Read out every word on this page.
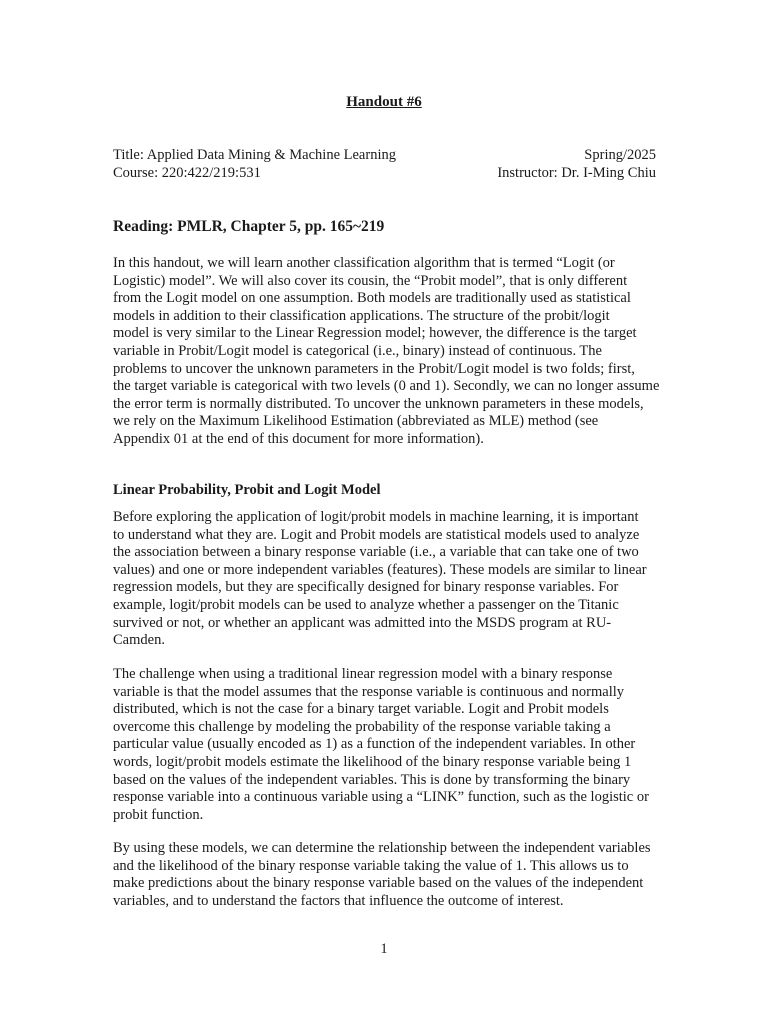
Handout #6
Title: Applied Data Mining & Machine Learning	Spring/2025
Course: 220:422/219:531	Instructor: Dr. I-Ming Chiu
Reading: PMLR, Chapter 5, pp. 165~219
In this handout, we will learn another classification algorithm that is termed “Logit (or
Logistic) model”. We will also cover its cousin, the “Probit model”, that is only different
from the Logit model on one assumption. Both models are traditionally used as statistical
models in addition to their classification applications. The structure of the probit/logit
model is very similar to the Linear Regression model; however, the difference is the target
variable in Probit/Logit model is categorical (i.e., binary) instead of continuous. The
problems to uncover the unknown parameters in the Probit/Logit model is two folds; first,
the target variable is categorical with two levels (0 and 1). Secondly, we can no longer assume
the error term is normally distributed. To uncover the unknown parameters in these models,
we rely on the Maximum Likelihood Estimation (abbreviated as MLE) method (see
Appendix 01 at the end of this document for more information).
Linear Probability, Probit and Logit Model
Before exploring the application of logit/probit models in machine learning, it is important
to understand what they are. Logit and Probit models are statistical models used to analyze
the association between a binary response variable (i.e., a variable that can take one of two
values) and one or more independent variables (features). These models are similar to linear
regression models, but they are specifically designed for binary response variables. For
example, logit/probit models can be used to analyze whether a passenger on the Titanic
survived or not, or whether an applicant was admitted into the MSDS program at RU-
Camden.
The challenge when using a traditional linear regression model with a binary response
variable is that the model assumes that the response variable is continuous and normally
distributed, which is not the case for a binary target variable. Logit and Probit models
overcome this challenge by modeling the probability of the response variable taking a
particular value (usually encoded as 1) as a function of the independent variables. In other
words, logit/probit models estimate the likelihood of the binary response variable being 1
based on the values of the independent variables. This is done by transforming the binary
response variable into a continuous variable using a “LINK” function, such as the logistic or
probit function.
By using these models, we can determine the relationship between the independent variables
and the likelihood of the binary response variable taking the value of 1. This allows us to
make predictions about the binary response variable based on the values of the independent
variables, and to understand the factors that influence the outcome of interest.
1
